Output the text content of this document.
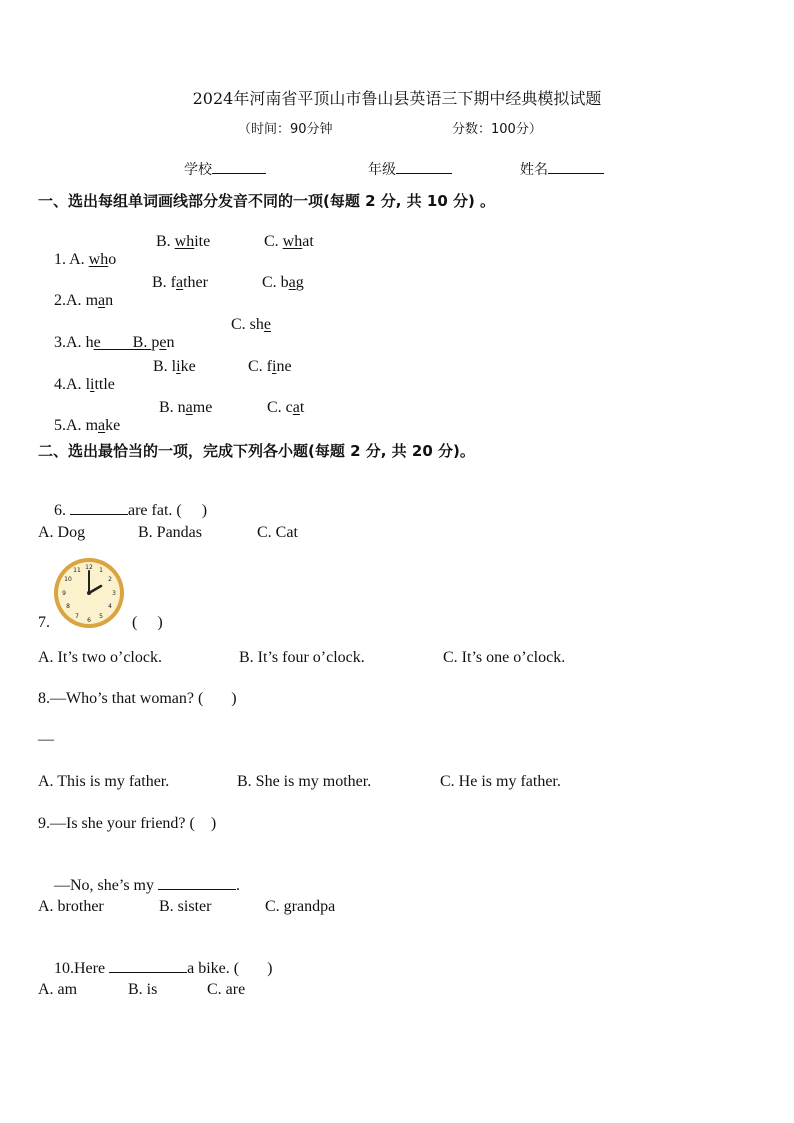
2024年河南省平顶山市鲁山县英语三下期中经典模拟试题
（时间：90分钟	分数：100分）
学校	年级	姓名
一、选出每组单词画线部分发音不同的一项(每题 2 分, 共 10 分) 。

1. A. who

B. white	C. what

2.A. man

B. father	C. bag

3.A. he        B. pen

C. she

4.A. little

B. like	C. fine

5.A. make

B. name	C. cat
二、选出最恰当的一项，完成下列各小题(每题 2 分, 共 20 分)。

6.	are fat. (     )

A. Dog	B. Pandas	C. Cat
7.
12 1
2
3
4
5
6
7
8
9
10
11
(     )
A. It’s two o’clock.	B. It’s four o’clock.	C. It’s one o’clock.
8.—Who’s that woman? (       )
—
A. This is my father.	B. She is my mother.	C. He is my father.
9.—Is she your friend? (    )

—No, she’s my	.

A. brother	B. sister	C. grandpa

10.Here	a bike. (       )

A. am	B. is	C. are
